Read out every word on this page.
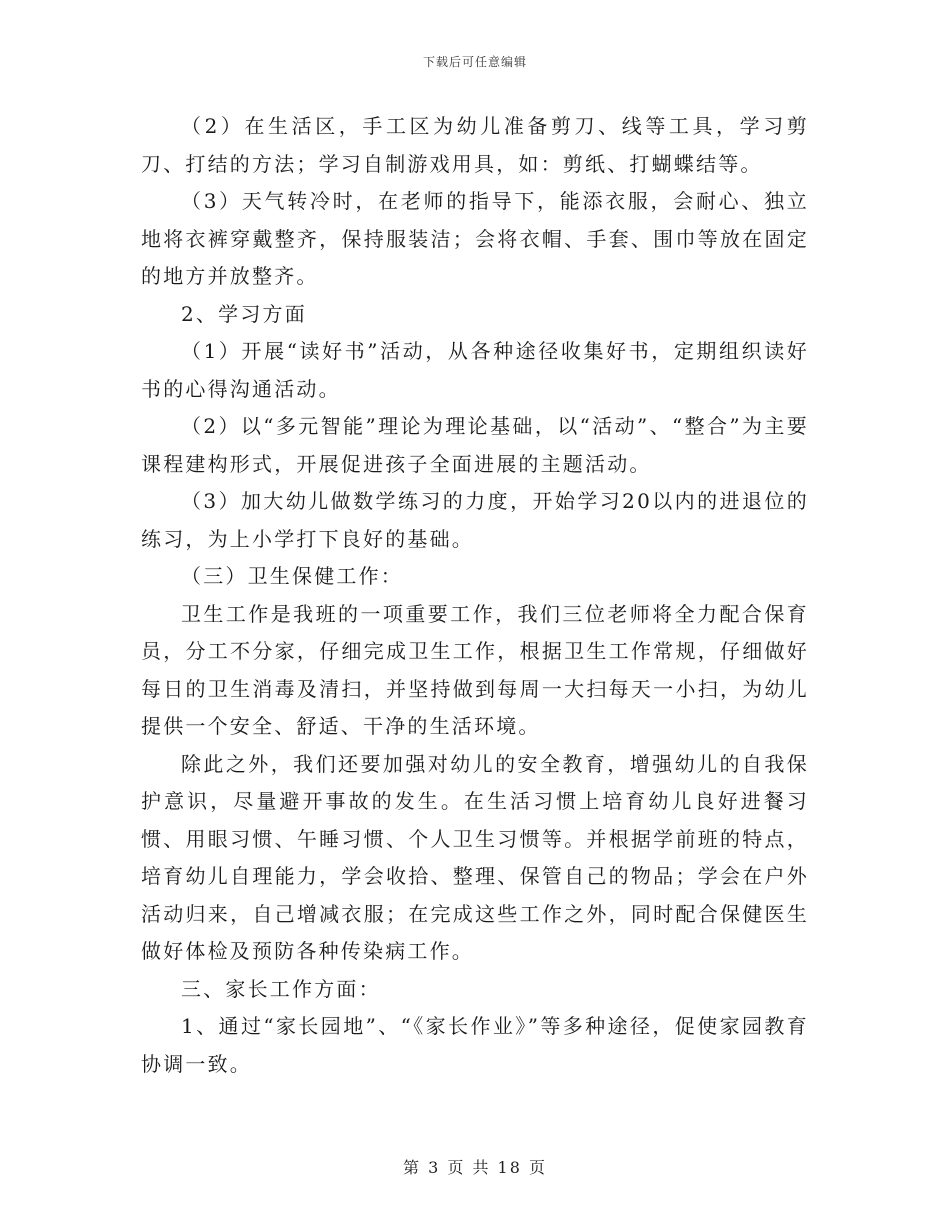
下载后可任意编辑

（2）在生活区，手工区为幼儿准备剪刀、线等工具，学习剪刀、打结的方法；学习自制游戏用具，如：剪纸、打蝴蝶结等。

（3）天气转冷时，在老师的指导下，能添衣服，会耐心、独立地将衣裤穿戴整齐，保持服装洁；会将衣帽、手套、围巾等放在固定的地方并放整齐。

2、学习方面

（1）开展“读好书”活动，从各种途径收集好书，定期组织读好书的心得沟通活动。

（2）以“多元智能”理论为理论基础，以“活动”、“整合”为主要课程建构形式，开展促进孩子全面进展的主题活动。

（3）加大幼儿做数学练习的力度，开始学习20以内的进退位的练习，为上小学打下良好的基础。

（三）卫生保健工作：

卫生工作是我班的一项重要工作，我们三位老师将全力配合保育员，分工不分家，仔细完成卫生工作，根据卫生工作常规，仔细做好每日的卫生消毒及清扫，并坚持做到每周一大扫每天一小扫，为幼儿提供一个安全、舒适、干净的生活环境。

除此之外，我们还要加强对幼儿的安全教育，增强幼儿的自我保护意识，尽量避开事故的发生。在生活习惯上培育幼儿良好进餐习惯、用眼习惯、午睡习惯、个人卫生习惯等。并根据学前班的特点，培育幼儿自理能力，学会收拾、整理、保管自己的物品；学会在户外活动归来，自己增减衣服；在完成这些工作之外，同时配合保健医生做好体检及预防各种传染病工作。

三、家长工作方面：

1、通过“家长园地”、“《家长作业》”等多种途径，促使家园教育协调一致。

第 3 页 共 18 页
